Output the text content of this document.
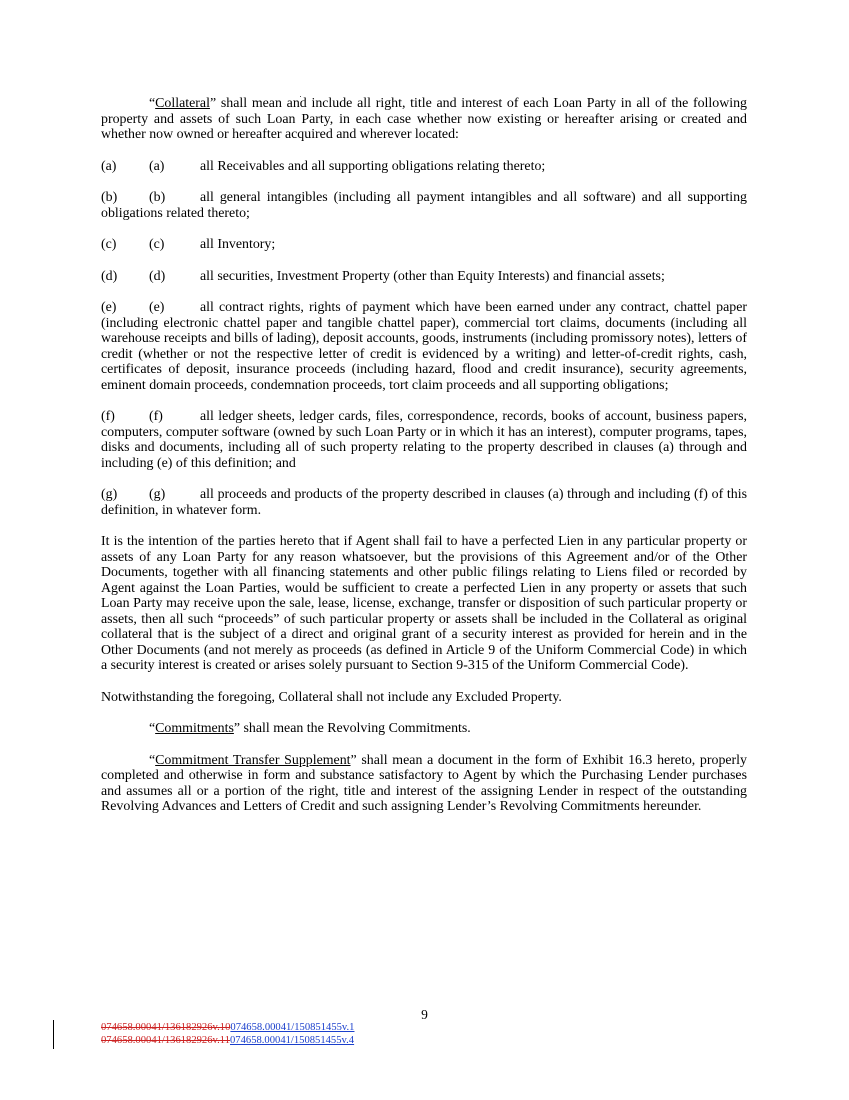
“Collateral” shall mean and include all right, title and interest of each Loan Party in all of the following property and assets of such Loan Party, in each case whether now existing or hereafter arising or created and whether now owned or hereafter acquired and wherever located:

(a) (a)	all Receivables and all supporting obligations relating thereto;

(b) (b)	all general intangibles (including all payment intangibles and all software) and all supporting obligations related thereto;

(c) (c)	all Inventory;

(d) (d)	all securities, Investment Property (other than Equity Interests) and financial assets;

(e) (e)	all contract rights, rights of payment which have been earned under any contract, chattel paper (including electronic chattel paper and tangible chattel paper), commercial tort claims, documents (including all warehouse receipts and bills of lading), deposit accounts, goods, instruments (including promissory notes), letters of credit (whether or not the respective letter of credit is evidenced by a writing) and letter-of-credit rights, cash, certificates of deposit, insurance proceeds (including hazard, flood and credit insurance), security agreements, eminent domain proceeds, condemnation proceeds, tort claim proceeds and all supporting obligations;

(f) (f)	all ledger sheets, ledger cards, files, correspondence, records, books of account, business papers, computers, computer software (owned by such Loan Party or in which it has an interest), computer programs, tapes, disks and documents, including all of such property relating to the property described in clauses (a) through and including (e) of this definition; and

(g) (g)	all proceeds and products of the property described in clauses (a) through and including (f) of this definition, in whatever form.

It is the intention of the parties hereto that if Agent shall fail to have a perfected Lien in any particular property or assets of any Loan Party for any reason whatsoever, but the provisions of this Agreement and/or of the Other Documents, together with all financing statements and other public filings relating to Liens filed or recorded by Agent against the Loan Parties, would be sufficient to create a perfected Lien in any property or assets that such Loan Party may receive upon the sale, lease, license, exchange, transfer or disposition of such particular property or assets, then all such “proceeds” of such particular property or assets shall be included in the Collateral as original collateral that is the subject of a direct and original grant of a security interest as provided for herein and in the Other Documents (and not merely as proceeds (as defined in Article 9 of the Uniform Commercial Code) in which a security interest is created or arises solely pursuant to Section 9-315 of the Uniform Commercial Code).

Notwithstanding the foregoing, Collateral shall not include any Excluded Property.

“Commitments” shall mean the Revolving Commitments.

“Commitment Transfer Supplement” shall mean a document in the form of Exhibit 16.3 hereto, properly completed and otherwise in form and substance satisfactory to Agent by which the Purchasing Lender purchases and assumes all or a portion of the right, title and interest of the assigning Lender in respect of the outstanding Revolving Advances and Letters of Credit and such assigning Lender’s Revolving Commitments hereunder.

9
074658.00041/136182926v.10074658.00041/150851455v.1
074658.00041/136182926v.11074658.00041/150851455v.4
